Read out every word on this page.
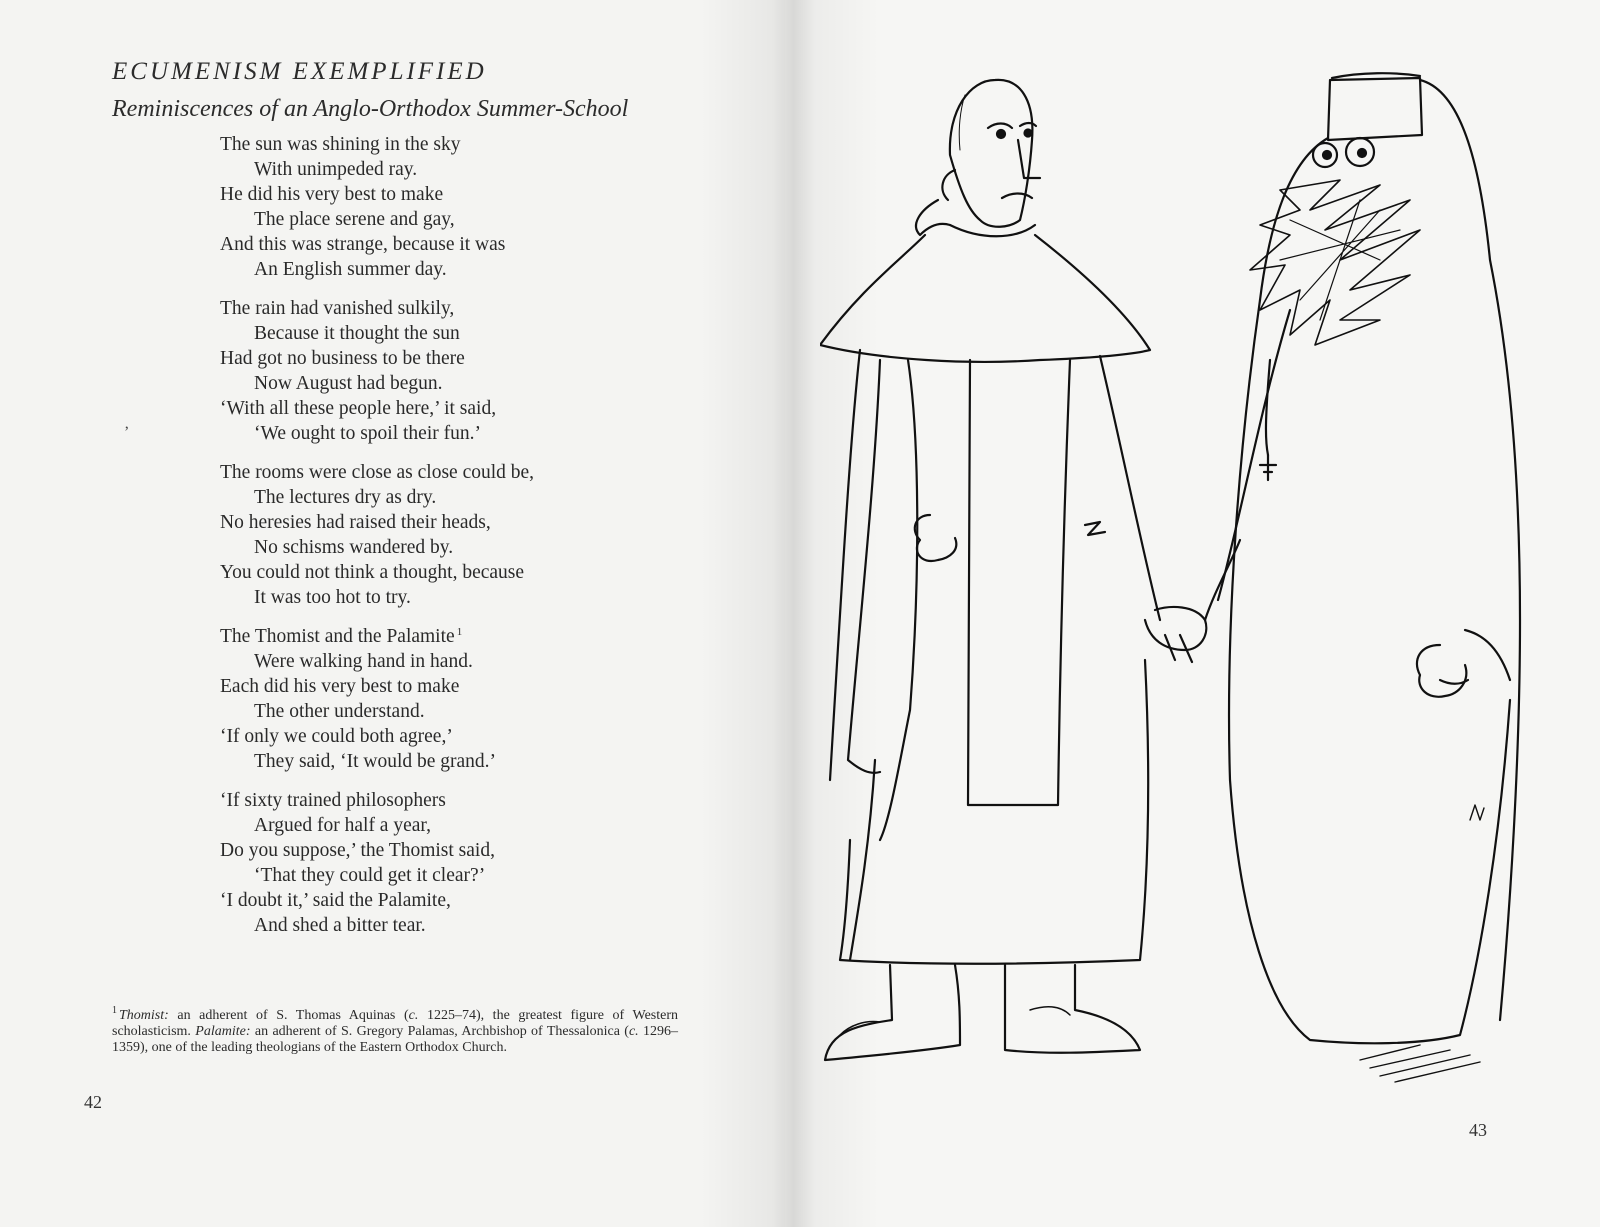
ECUMENISM EXEMPLIFIED
Reminiscences of an Anglo-Orthodox Summer-School

The sun was shining in the sky
With unimpeded ray.
He did his very best to make
The place serene and gay,
And this was strange, because it was
An English summer day.

The rain had vanished sulkily,
Because it thought the sun
Had got no business to be there
Now August had begun.
‘With all these people here,’ it said,
‘We ought to spoil their fun.’

The rooms were close as close could be,
The lectures dry as dry.
No heresies had raised their heads,
No schisms wandered by.
You could not think a thought, because
It was too hot to try.

The Thomist and the Palamite $^1$
Were walking hand in hand.
Each did his very best to make
The other understand.
‘If only we could both agree,’
They said, ‘It would be grand.’

‘If sixty trained philosophers
Argued for half a year,
Do you suppose,’ the Thomist said,
‘That they could get it clear?’
‘I doubt it,’ said the Palamite,
And shed a bitter tear.

’

$^1$ Thomist: an adherent of S. Thomas Aquinas (c. 1225–74), the greatest figure of Western scholasticism. Palamite: an adherent of S. Gregory Palamas, Archbishop of Thessalonica (c. 1296–1359), one of the leading theologians of the Eastern Orthodox Church.

42
43
